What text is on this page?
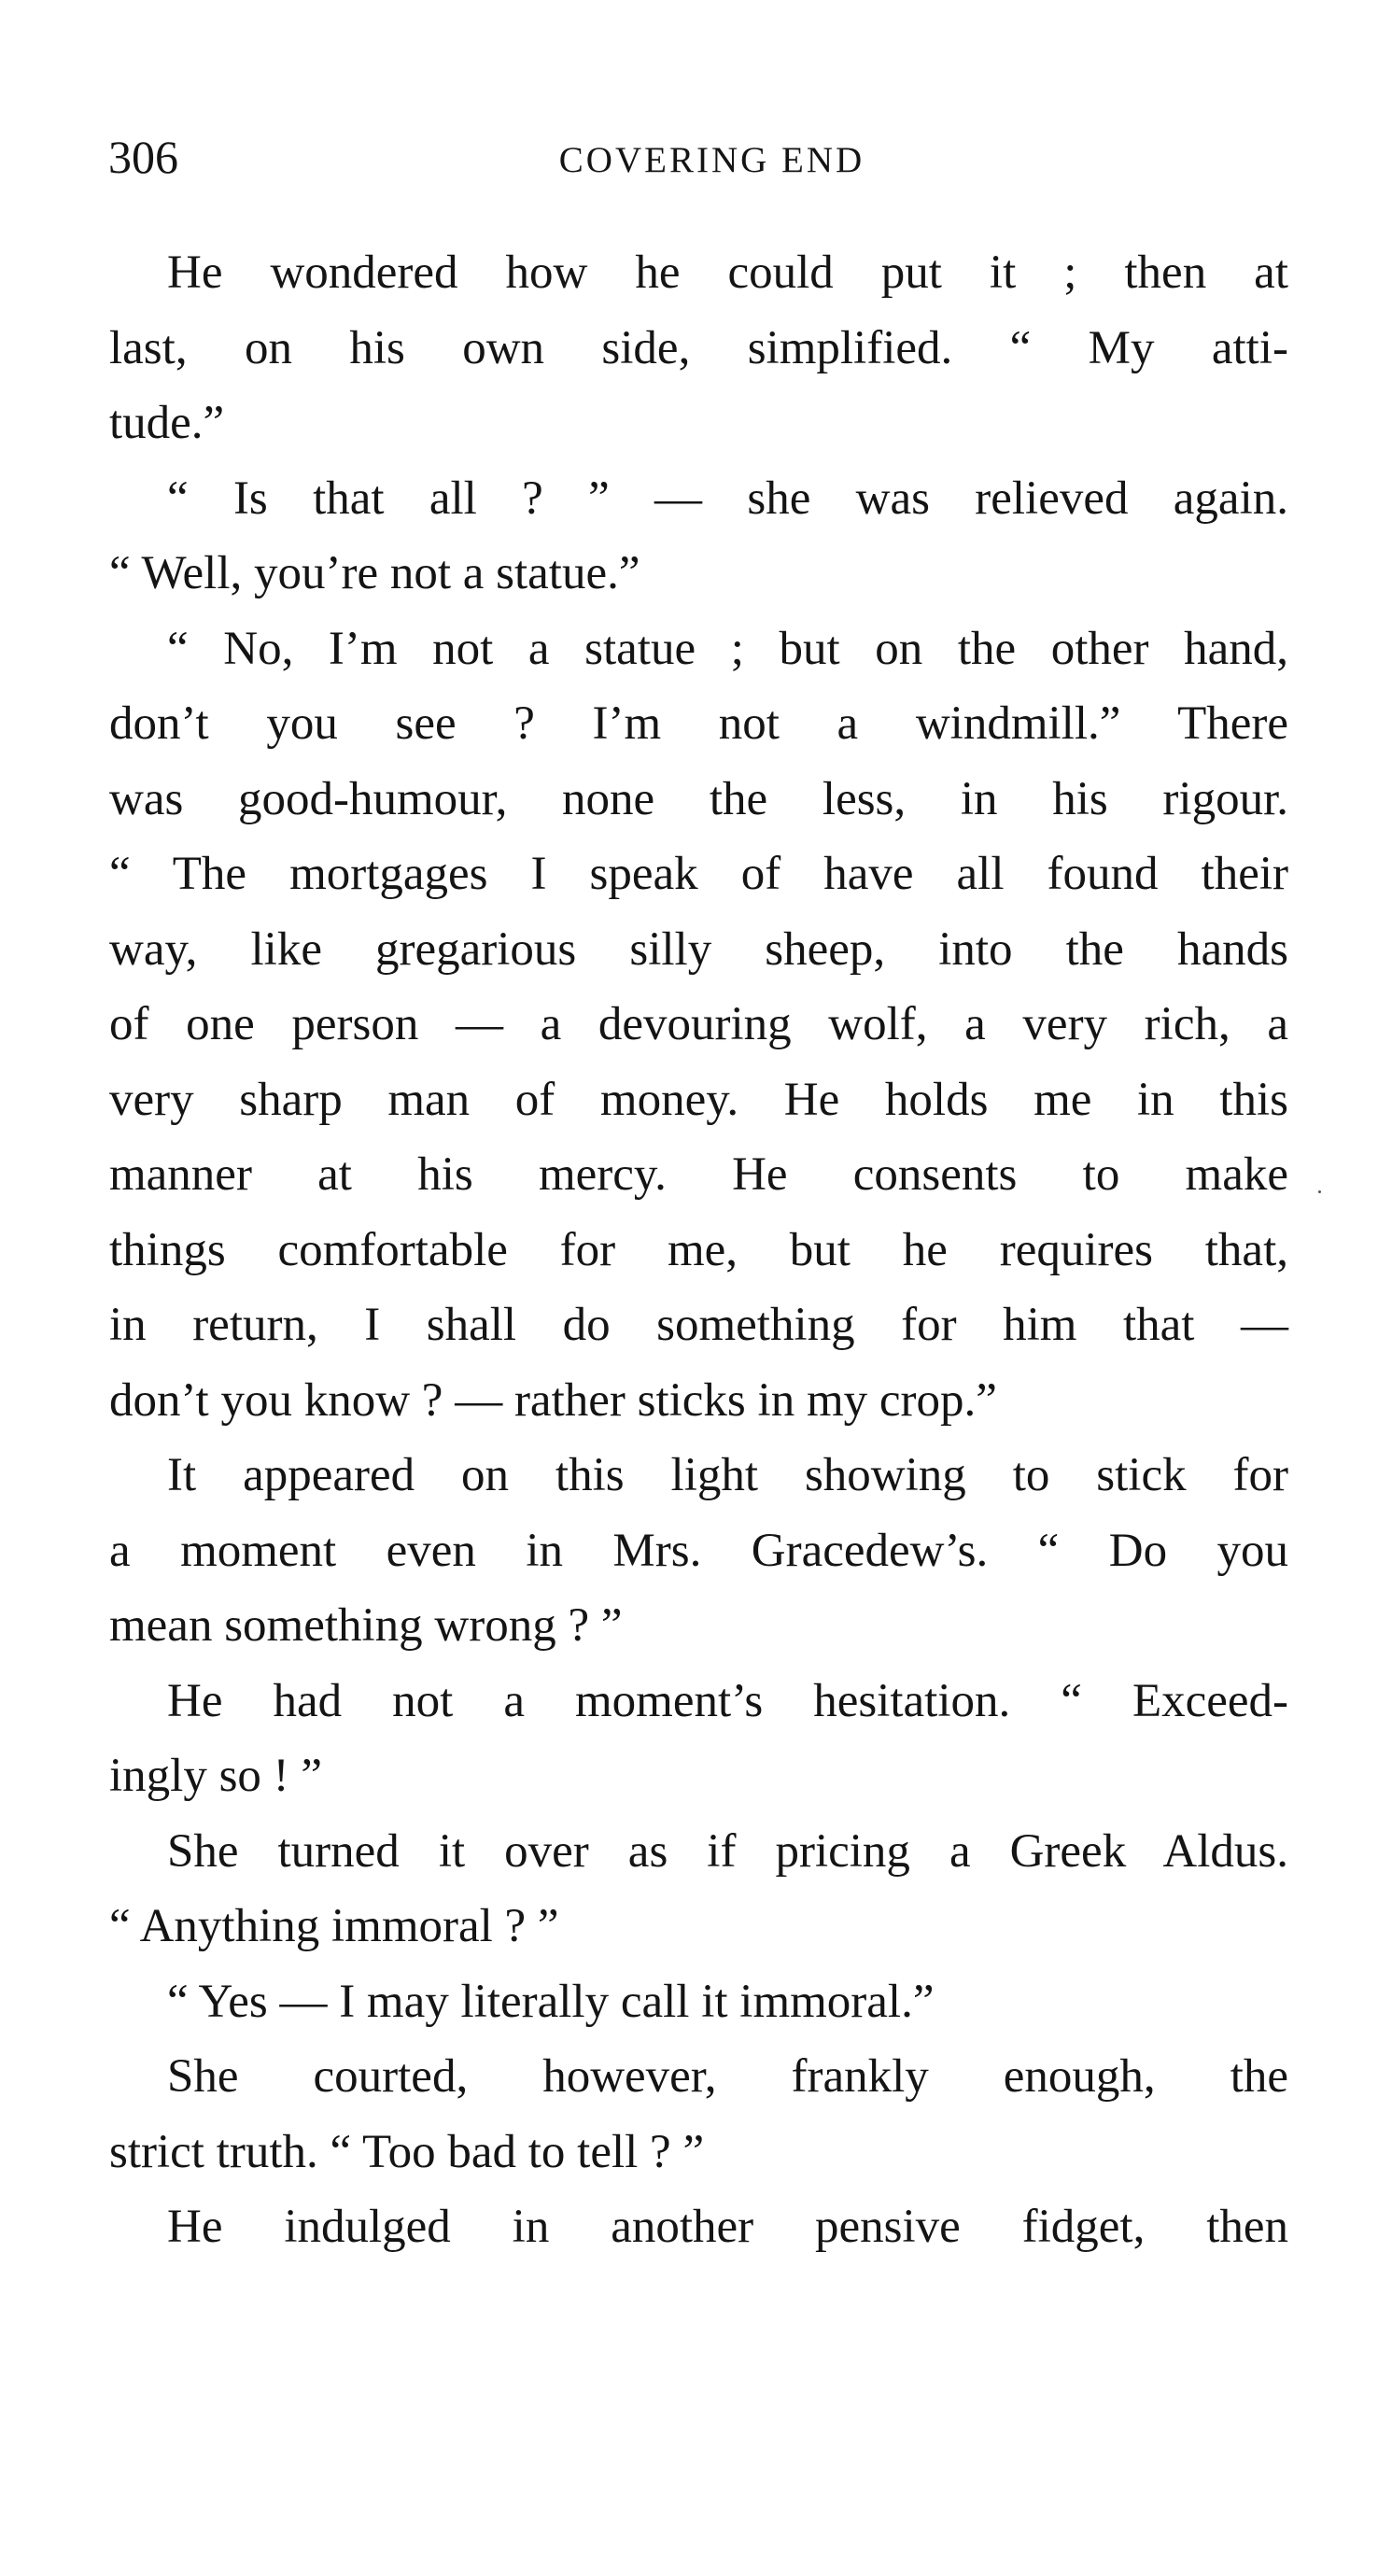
306	COVERING END
He wondered how he could put it ; then at
last, on his own side, simplified. “ My atti-
tude.”
“ Is that all ? ” — she was relieved again.
“ Well, you’re not a statue.”
“ No, I’m not a statue ; but on the other hand,
don’t you see ? I’m not a windmill.” There
was good-humour, none the less, in his rigour.
“ The mortgages I speak of have all found their
way, like gregarious silly sheep, into the hands
of one person — a devouring wolf, a very rich, a
very sharp man of money. He holds me in this
manner at his mercy. He consents to make
things comfortable for me, but he requires that,
in return, I shall do something for him that —
don’t you know ? — rather sticks in my crop.”
It appeared on this light showing to stick for
a moment even in Mrs. Gracedew’s. “ Do you
mean something wrong ? ”
He had not a moment’s hesitation. “ Exceed-
ingly so ! ”
She turned it over as if pricing a Greek Aldus.
“ Anything immoral ? ”
“ Yes — I may literally call it immoral.”
She courted, however, frankly enough, the
strict truth. “ Too bad to tell ? ”
He indulged in another pensive fidget, then
